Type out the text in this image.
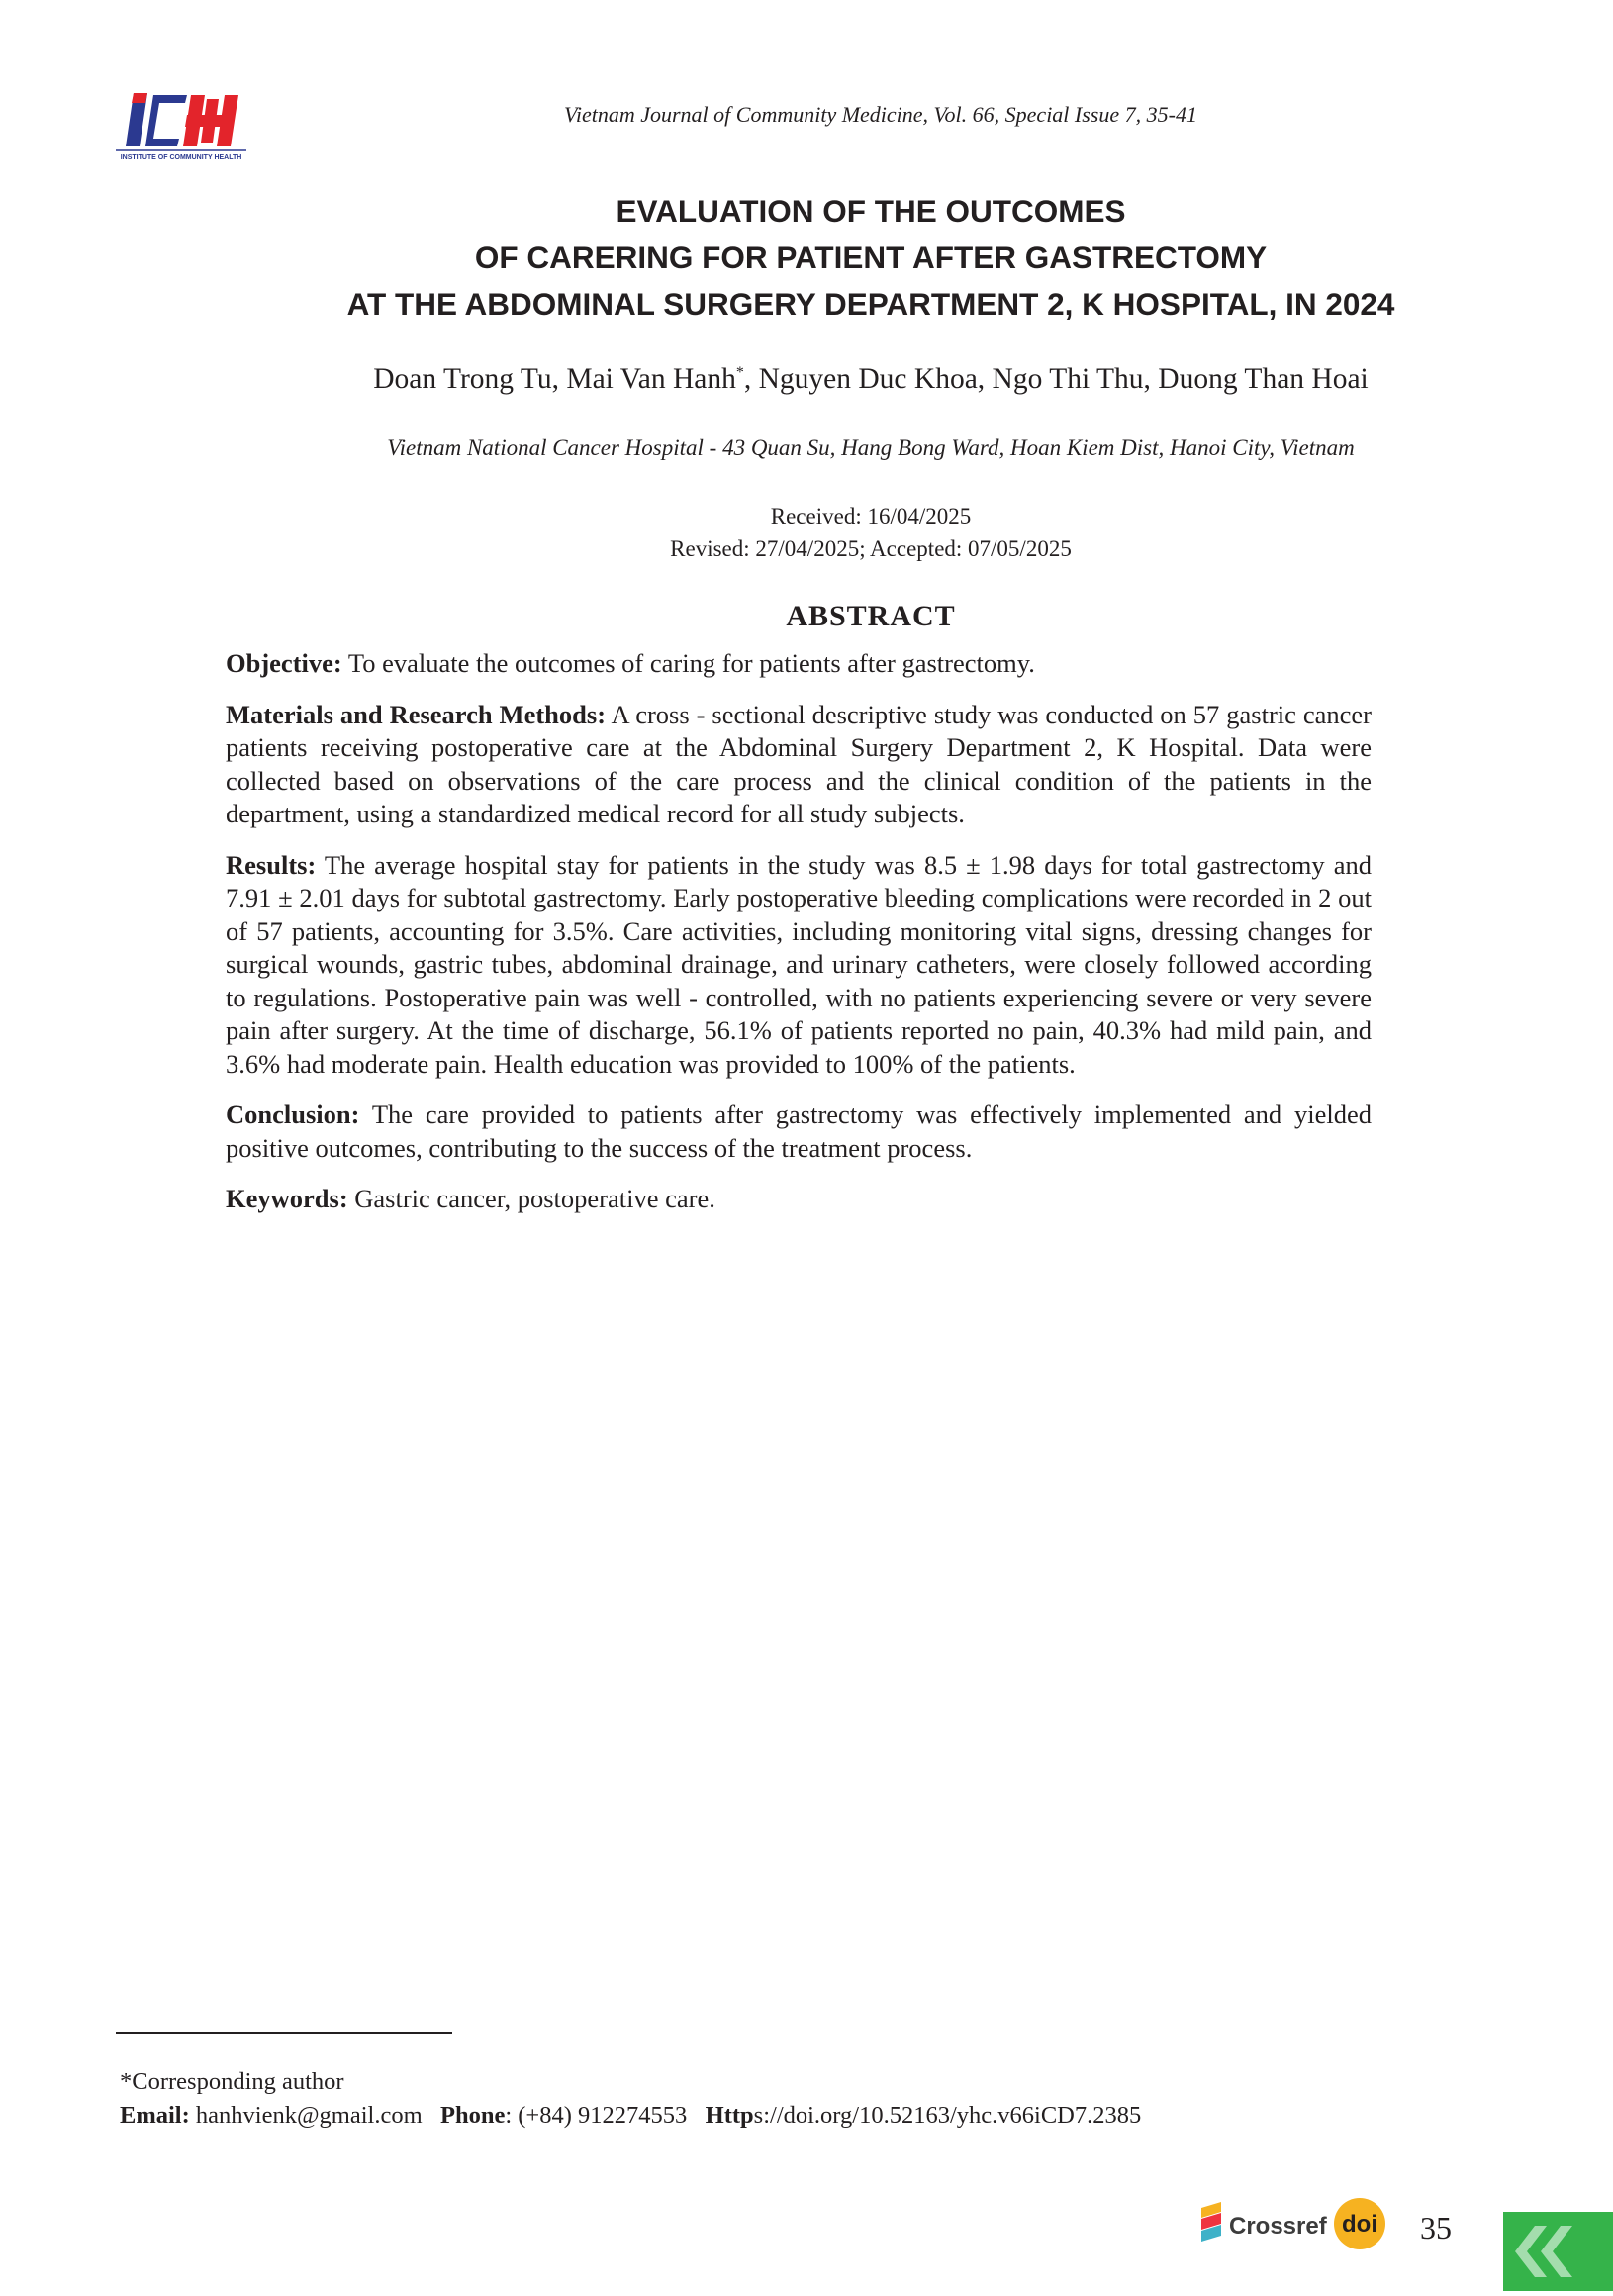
INSTITUTE OF COMMUNITY HEALTH
Vietnam Journal of Community Medicine, Vol. 66, Special Issue 7, 35-41
EVALUATION OF THE OUTCOMES
OF CARERING FOR PATIENT AFTER GASTRECTOMY
AT THE ABDOMINAL SURGERY DEPARTMENT 2, K HOSPITAL, IN 2024
Doan Trong Tu, Mai Van Hanh*, Nguyen Duc Khoa, Ngo Thi Thu, Duong Than Hoai
Vietnam National Cancer Hospital - 43 Quan Su, Hang Bong Ward, Hoan Kiem Dist, Hanoi City, Vietnam
Received: 16/04/2025
Revised: 27/04/2025; Accepted: 07/05/2025
ABSTRACT

Objective: To evaluate the outcomes of caring for patients after gastrectomy.

Materials and Research Methods: A cross - sectional descriptive study was conducted on 57 gastric cancer patients receiving postoperative care at the Abdominal Surgery Department 2, K Hospital. Data were collected based on observations of the care process and the clinical condition of the patients in the department, using a standardized medical record for all study subjects.

Results: The average hospital stay for patients in the study was 8.5 ± 1.98 days for total gastrectomy and 7.91 ± 2.01 days for subtotal gastrectomy. Early postoperative bleeding complications were recorded in 2 out of 57 patients, accounting for 3.5%. Care activities, including monitoring vital signs, dressing changes for surgical wounds, gastric tubes, abdominal drainage, and urinary catheters, were closely followed according to regulations. Postoperative pain was well - controlled, with no patients experiencing severe or very severe pain after surgery. At the time of discharge, 56.1% of patients reported no pain, 40.3% had mild pain, and 3.6% had moderate pain. Health education was provided to 100% of the patients.

Conclusion: The care provided to patients after gastrectomy was effectively implemented and yielded positive outcomes, contributing to the success of the treatment process.

Keywords: Gastric cancer, postoperative care.

*Corresponding author
Email: hanhvienk@gmail.com Phone: (+84) 912274553 Https://doi.org/10.52163/yhc.v66iCD7.2385
Crossref doi 35
